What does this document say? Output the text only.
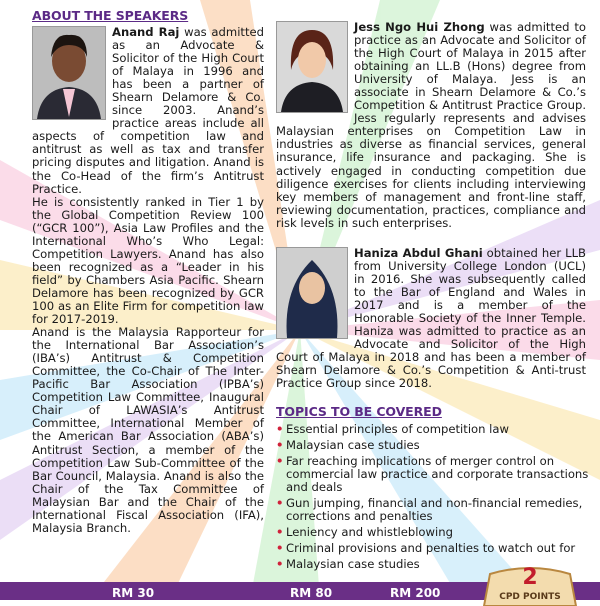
ABOUT THE SPEAKERS

Anand Raj was admitted as an Advocate & Solicitor of the High Court of Malaya in 1996 and has been a partner of Shearn Delamore & Co. since 2003. Anand’s practice areas include all aspects of competition law and antitrust as well as tax and transfer pricing disputes and litigation. Anand is the Co-Head of the firm’s Antitrust Practice.

He is consistently ranked in Tier 1 by the Global Competition Review 100 (“GCR 100”), Asia Law Profiles and the International Who’s Who Legal: Competition Lawyers. Anand has also been recognized as a “Leader in his field” by Chambers Asia Pacific. Shearn Delamore has been recognized by GCR 100 as an Elite Firm for competition law for 2017-2019.

Anand is the Malaysia Rapporteur for the International Bar Association’s (IBA’s) Antitrust & Competition Committee, the Co-Chair of The Inter-Pacific Bar Association (IPBA’s) Competition Law Committee, Inaugural Chair of LAWASIA’s Antitrust Committee, International Member of the American Bar Association (ABA’s) Antitrust Section, a member of the Competition Law Sub-Committee of the Bar Council, Malaysia. Anand is also the Chair of the Tax Committee of Malaysian Bar and the Chair of the International Fiscal Association (IFA), Malaysia Branch.

Jess Ngo Hui Zhong was admitted to practice as an Advocate and Solicitor of the High Court of Malaya in 2015 after obtaining an LL.B (Hons) degree from University of Malaya. Jess is an associate in Shearn Delamore & Co.’s Competition & Antitrust Practice Group. Jess regularly represents and advises Malaysian enterprises on Competition Law in industries as diverse as financial services, general insurance, life insurance and packaging. She is actively engaged in conducting competition due diligence exercises for clients including interviewing key members of management and front-line staff, reviewing documentation, practices, compliance and risk levels in such enterprises.

Haniza Abdul Ghani obtained her LLB from University College London (UCL) in 2016. She was subsequently called to the Bar of England and Wales in 2017 and is a member of the Honorable Society of the Inner Temple. Haniza was admitted to practice as an Advocate and Solicitor of the High Court of Malaya in 2018 and has been a member of Shearn Delamore & Co.’s Competition & Anti-trust Practice Group since 2018.

TOPICS TO BE COVERED
• Essential principles of competition law
• Malaysian case studies
• Far reaching implications of merger control on commercial law practice and corporate transactions and deals
• Gun jumping, financial and non-financial remedies, corrections and penalties
• Leniency and whistleblowing
• Criminal provisions and penalties to watch out for
• Malaysian case studies
RM 30	RM 80	RM 200
2
CPD POINTS
